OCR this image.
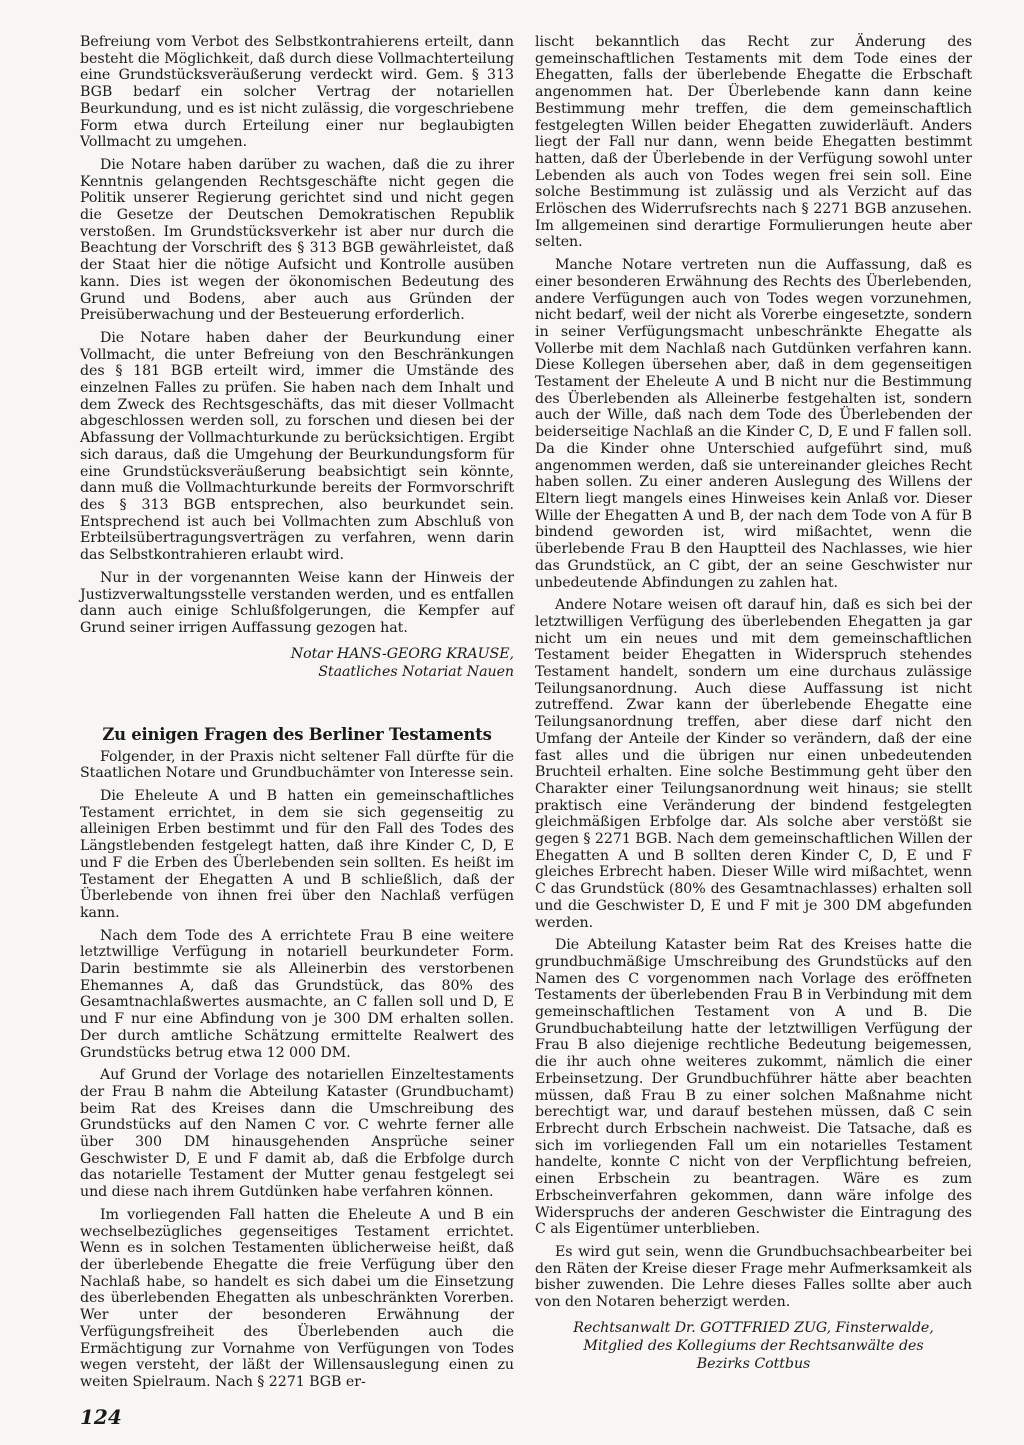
Befreiung vom Verbot des Selbstkontrahierens erteilt, dann besteht die Möglichkeit, daß durch diese Vollmachterteilung eine Grundstücksveräußerung verdeckt wird. Gem. § 313 BGB bedarf ein solcher Vertrag der notariellen Beurkundung, und es ist nicht zulässig, die vorgeschriebene Form etwa durch Erteilung einer nur beglaubigten Vollmacht zu umgehen.

Die Notare haben darüber zu wachen, daß die zu ihrer Kenntnis gelangenden Rechtsgeschäfte nicht gegen die Politik unserer Regierung gerichtet sind und nicht gegen die Gesetze der Deutschen Demokratischen Republik verstoßen. Im Grundstücksverkehr ist aber nur durch die Beachtung der Vorschrift des § 313 BGB gewährleistet, daß der Staat hier die nötige Aufsicht und Kontrolle ausüben kann. Dies ist wegen der ökonomischen Bedeutung des Grund und Bodens, aber auch aus Gründen der Preisüberwachung und der Besteuerung erforderlich.

Die Notare haben daher der Beurkundung einer Vollmacht, die unter Befreiung von den Beschränkungen des § 181 BGB erteilt wird, immer die Umstände des einzelnen Falles zu prüfen. Sie haben nach dem Inhalt und dem Zweck des Rechtsgeschäfts, das mit dieser Vollmacht abgeschlossen werden soll, zu forschen und diesen bei der Abfassung der Vollmachturkunde zu berücksichtigen. Ergibt sich daraus, daß die Umgehung der Beurkundungsform für eine Grundstücksveräußerung beabsichtigt sein könnte, dann muß die Vollmachturkunde bereits der Formvorschrift des § 313 BGB entsprechen, also beurkundet sein. Entsprechend ist auch bei Vollmachten zum Abschluß von Erbteilsübertragungsverträgen zu verfahren, wenn darin das Selbstkontrahieren erlaubt wird.

Nur in der vorgenannten Weise kann der Hinweis der Justizverwaltungsstelle verstanden werden, und es entfallen dann auch einige Schlußfolgerungen, die Kempfer auf Grund seiner irrigen Auffassung gezogen hat.

Notar HANS-GEORG KRAUSE,
Staatliches Notariat Nauen
Zu einigen Fragen des Berliner Testaments

Folgender, in der Praxis nicht seltener Fall dürfte für die Staatlichen Notare und Grundbuchämter von Interesse sein.

Die Eheleute A und B hatten ein gemeinschaftliches Testament errichtet, in dem sie sich gegenseitig zu alleinigen Erben bestimmt und für den Fall des Todes des Längstlebenden festgelegt hatten, daß ihre Kinder C, D, E und F die Erben des Überlebenden sein sollten. Es heißt im Testament der Ehegatten A und B schließlich, daß der Überlebende von ihnen frei über den Nachlaß verfügen kann.

Nach dem Tode des A errichtete Frau B eine weitere letztwillige Verfügung in notariell beurkundeter Form. Darin bestimmte sie als Alleinerbin des verstorbenen Ehemannes A, daß das Grundstück, das 80% des Gesamtnachlaßwertes ausmachte, an C fallen soll und D, E und F nur eine Abfindung von je 300 DM erhalten sollen. Der durch amtliche Schätzung ermittelte Realwert des Grundstücks betrug etwa 12 000 DM.

Auf Grund der Vorlage des notariellen Einzeltestaments der Frau B nahm die Abteilung Kataster (Grundbuchamt) beim Rat des Kreises dann die Umschreibung des Grundstücks auf den Namen C vor. C wehrte ferner alle über 300 DM hinausgehenden Ansprüche seiner Geschwister D, E und F damit ab, daß die Erbfolge durch das notarielle Testament der Mutter genau festgelegt sei und diese nach ihrem Gutdünken habe verfahren können.

Im vorliegenden Fall hatten die Eheleute A und B ein wechselbezügliches gegenseitiges Testament errichtet. Wenn es in solchen Testamenten üblicherweise heißt, daß der überlebende Ehegatte die freie Verfügung über den Nachlaß habe, so handelt es sich dabei um die Einsetzung des überlebenden Ehegatten als unbeschränkten Vorerben. Wer unter der besonderen Erwähnung der Verfügungsfreiheit des Überlebenden auch die Ermächtigung zur Vornahme von Verfügungen von Todes wegen versteht, der läßt der Willensauslegung einen zu weiten Spielraum. Nach § 2271 BGB er-

lischt bekanntlich das Recht zur Änderung des gemeinschaftlichen Testaments mit dem Tode eines der Ehegatten, falls der überlebende Ehegatte die Erbschaft angenommen hat. Der Überlebende kann dann keine Bestimmung mehr treffen, die dem gemeinschaftlich festgelegten Willen beider Ehegatten zuwiderläuft. Anders liegt der Fall nur dann, wenn beide Ehegatten bestimmt hatten, daß der Überlebende in der Verfügung sowohl unter Lebenden als auch von Todes wegen frei sein soll. Eine solche Bestimmung ist zulässig und als Verzicht auf das Erlöschen des Widerrufsrechts nach § 2271 BGB anzusehen. Im allgemeinen sind derartige Formulierungen heute aber selten.

Manche Notare vertreten nun die Auffassung, daß es einer besonderen Erwähnung des Rechts des Überlebenden, andere Verfügungen auch von Todes wegen vorzunehmen, nicht bedarf, weil der nicht als Vorerbe eingesetzte, sondern in seiner Verfügungsmacht unbeschränkte Ehegatte als Vollerbe mit dem Nachlaß nach Gutdünken verfahren kann. Diese Kollegen übersehen aber, daß in dem gegenseitigen Testament der Eheleute A und B nicht nur die Bestimmung des Überlebenden als Alleinerbe festgehalten ist, sondern auch der Wille, daß nach dem Tode des Überlebenden der beiderseitige Nachlaß an die Kinder C, D, E und F fallen soll. Da die Kinder ohne Unterschied aufgeführt sind, muß angenommen werden, daß sie untereinander gleiches Recht haben sollen. Zu einer anderen Auslegung des Willens der Eltern liegt mangels eines Hinweises kein Anlaß vor. Dieser Wille der Ehegatten A und B, der nach dem Tode von A für B bindend geworden ist, wird mißachtet, wenn die überlebende Frau B den Hauptteil des Nachlasses, wie hier das Grundstück, an C gibt, der an seine Geschwister nur unbedeutende Abfindungen zu zahlen hat.

Andere Notare weisen oft darauf hin, daß es sich bei der letztwilligen Verfügung des überlebenden Ehegatten ja gar nicht um ein neues und mit dem gemeinschaftlichen Testament beider Ehegatten in Widerspruch stehendes Testament handelt, sondern um eine durchaus zulässige Teilungsanordnung. Auch diese Auffassung ist nicht zutreffend. Zwar kann der überlebende Ehegatte eine Teilungsanordnung treffen, aber diese darf nicht den Umfang der Anteile der Kinder so verändern, daß der eine fast alles und die übrigen nur einen unbedeutenden Bruchteil erhalten. Eine solche Bestimmung geht über den Charakter einer Teilungsanordnung weit hinaus; sie stellt praktisch eine Veränderung der bindend festgelegten gleichmäßigen Erbfolge dar. Als solche aber verstößt sie gegen § 2271 BGB. Nach dem gemeinschaftlichen Willen der Ehegatten A und B sollten deren Kinder C, D, E und F gleiches Erbrecht haben. Dieser Wille wird mißachtet, wenn C das Grundstück (80% des Gesamtnachlasses) erhalten soll und die Geschwister D, E und F mit je 300 DM abgefunden werden.

Die Abteilung Kataster beim Rat des Kreises hatte die grundbuchmäßige Umschreibung des Grundstücks auf den Namen des C vorgenommen nach Vorlage des eröffneten Testaments der überlebenden Frau B in Verbindung mit dem gemeinschaftlichen Testament von A und B. Die Grundbuchabteilung hatte der letztwilligen Verfügung der Frau B also diejenige rechtliche Bedeutung beigemessen, die ihr auch ohne weiteres zukommt, nämlich die einer Erbeinsetzung. Der Grundbuchführer hätte aber beachten müssen, daß Frau B zu einer solchen Maßnahme nicht berechtigt war, und darauf bestehen müssen, daß C sein Erbrecht durch Erbschein nachweist. Die Tatsache, daß es sich im vorliegenden Fall um ein notarielles Testament handelte, konnte C nicht von der Verpflichtung befreien, einen Erbschein zu beantragen. Wäre es zum Erbscheinverfahren gekommen, dann wäre infolge des Widerspruchs der anderen Geschwister die Eintragung des C als Eigentümer unterblieben.

Es wird gut sein, wenn die Grundbuchsachbearbeiter bei den Räten der Kreise dieser Frage mehr Aufmerksamkeit als bisher zuwenden. Die Lehre dieses Falles sollte aber auch von den Notaren beherzigt werden.

Rechtsanwalt Dr. GOTTFRIED ZUG, Finsterwalde,
Mitglied des Kollegiums der Rechtsanwälte des
Bezirks Cottbus
124
